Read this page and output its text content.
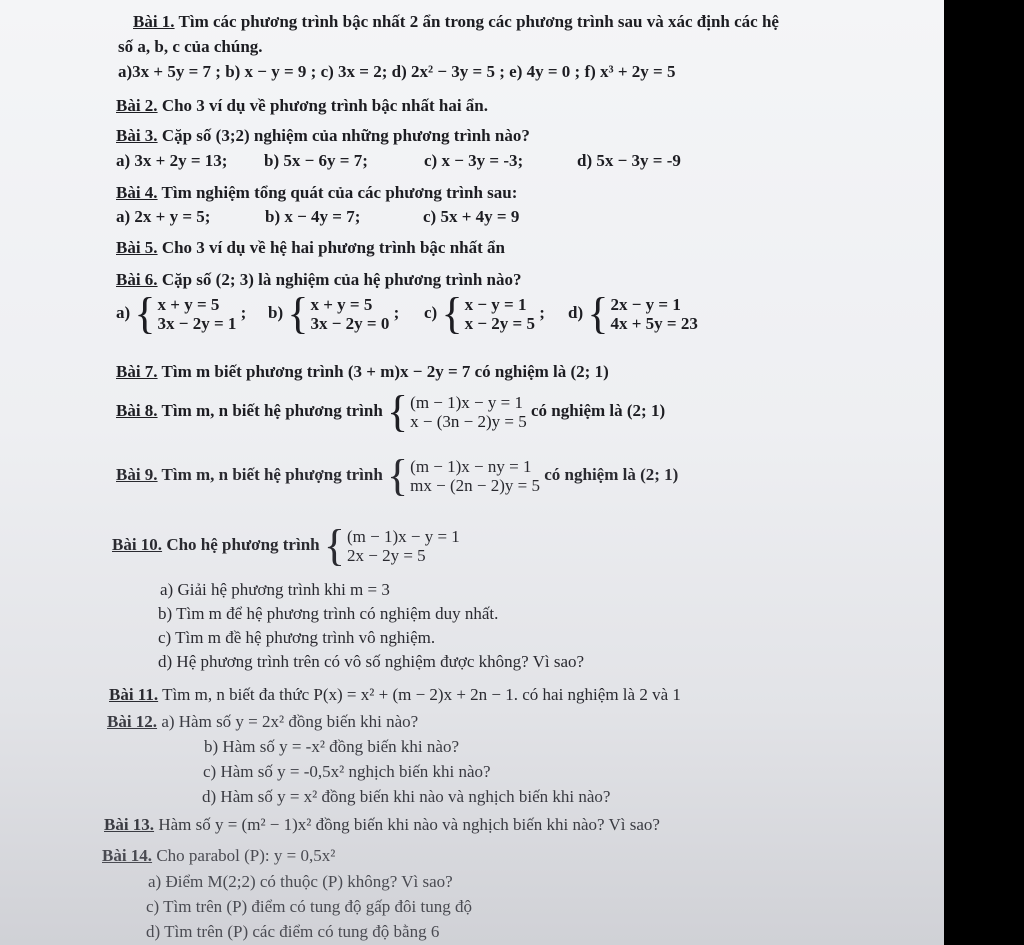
Bài 1. Tìm các phương trình bậc nhất 2 ẩn trong các phương trình sau và xác định các hệ
số a, b, c của chúng.
a)3x + 5y = 7 ; b) x − y = 9 ; c) 3x = 2; d) 2x² − 3y = 5 ; e) 4y = 0 ; f) x³ + 2y = 5
Bài 2. Cho 3 ví dụ về phương trình bậc nhất hai ẩn.
Bài 3. Cặp số (3;2) nghiệm của những phương trình nào?
a) 3x + 2y = 13; b) 5x − 6y = 7;	c) x − 3y = -3;	d) 5x − 3y = -9
Bài 4. Tìm nghiệm tổng quát của các phương trình sau:
a) 2x + y = 5;	b) x − 4y = 7;	c) 5x + 4y = 9
Bài 5. Cho 3 ví dụ về hệ hai phương trình bậc nhất ẩn
Bài 6. Cặp số (2; 3) là nghiệm của hệ phương trình nào?
a) { x + y = 5
3x − 2y = 1
; b) { x + y = 5
3x − 2y = 0
; c) { x − y = 1
x − 2y = 5
; d) { 2x − y = 1
4x + 5y = 23
Bài 7. Tìm m biết phương trình (3 + m)x − 2y = 7 có nghiệm là (2; 1)
Bài 8. Tìm m, n biết hệ phương trình { (m − 1)x − y = 1
x − (3n − 2)y = 5
có nghiệm là (2; 1)
Bài 9. Tìm m, n biết hệ phượng trình { (m − 1)x − ny = 1
mx − (2n − 2)y = 5
có nghiệm là (2; 1)
Bài 10. Cho hệ phương trình { (m − 1)x − y = 1
2x − 2y = 5
a) Giải hệ phương trình khi m = 3
b) Tìm m để hệ phương trình có nghiệm duy nhất.
c) Tìm m đề hệ phương trình vô nghiệm.
d) Hệ phương trình trên có vô số nghiệm được không? Vì sao?
Bài 11. Tìm m, n biết đa thức P(x) = x² + (m − 2)x + 2n − 1. có hai nghiệm là 2 và 1
Bài 12. a) Hàm số y = 2x² đồng biến khi nào?
b) Hàm số y = -x² đồng biến khi nào?
c) Hàm số y = -0,5x² nghịch biến khi nào?
d) Hàm số y = x² đồng biến khi nào và nghịch biến khi nào?
Bài 13. Hàm số y = (m² − 1)x² đồng biến khi nào và nghịch biến khi nào? Vì sao?
Bài 14. Cho parabol (P): y = 0,5x²
a) Điểm M(2;2) có thuộc (P) không? Vì sao?
c) Tìm trên (P) điểm có tung độ gấp đôi tung độ
d) Tìm trên (P) các điểm có tung độ bằng 6
